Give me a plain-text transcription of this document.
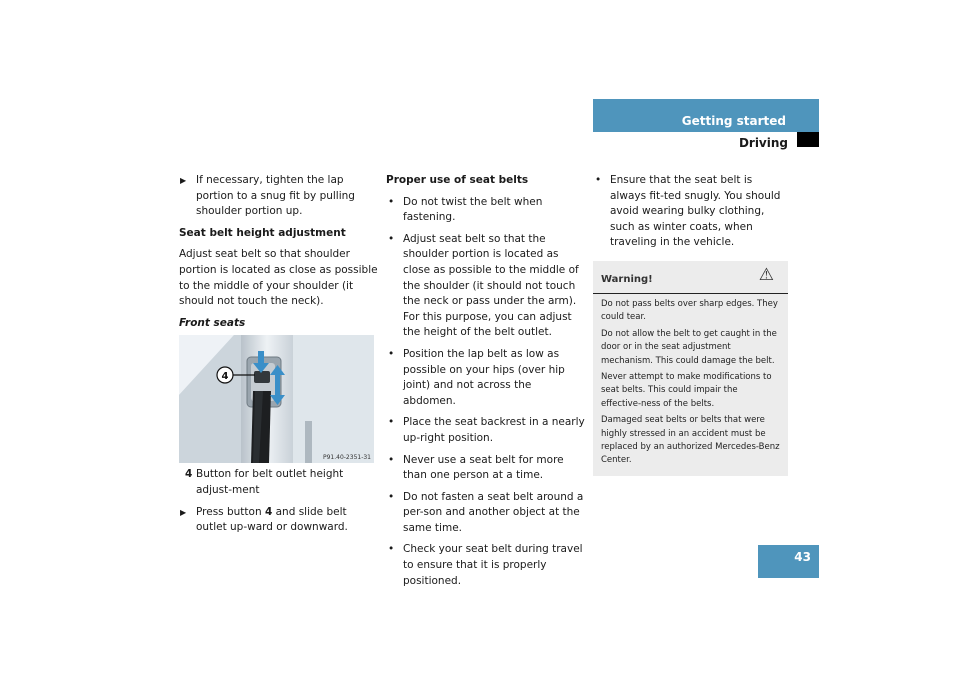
Getting started
Driving

▶ If necessary, tighten the lap portion to a snug fit by pulling shoulder portion up.

Seat belt height adjustment

Adjust seat belt so that shoulder portion is located as close as possible to the middle of your shoulder (it should not touch the neck).

Front seats

4
P91.40-2351-31

4 Button for belt outlet height adjust-ment

▶ Press button 4 and slide belt outlet up-ward or downward.

Proper use of seat belts

• Do not twist the belt when fastening.

• Adjust seat belt so that the shoulder portion is located as close as possible to the middle of the shoulder (it should not touch the neck or pass under the arm). For this purpose, you can adjust the height of the belt outlet.

• Position the lap belt as low as possible on your hips (over hip joint) and not across the abdomen.

• Place the seat backrest in a nearly up-right position.

• Never use a seat belt for more than one person at a time.

• Do not fasten a seat belt around a per-son and another object at the same time.

• Check your seat belt during travel to ensure that it is properly positioned.

• Ensure that the seat belt is always fit-ted snugly. You should avoid wearing bulky clothing, such as winter coats, when traveling in the vehicle.

Warning!	⚠

Do not pass belts over sharp edges. They could tear.

Do not allow the belt to get caught in the door or in the seat adjustment mechanism. This could damage the belt.

Never attempt to make modifications to seat belts. This could impair the effective-ness of the belts.

Damaged seat belts or belts that were highly stressed in an accident must be replaced by an authorized Mercedes-Benz Center.

43
